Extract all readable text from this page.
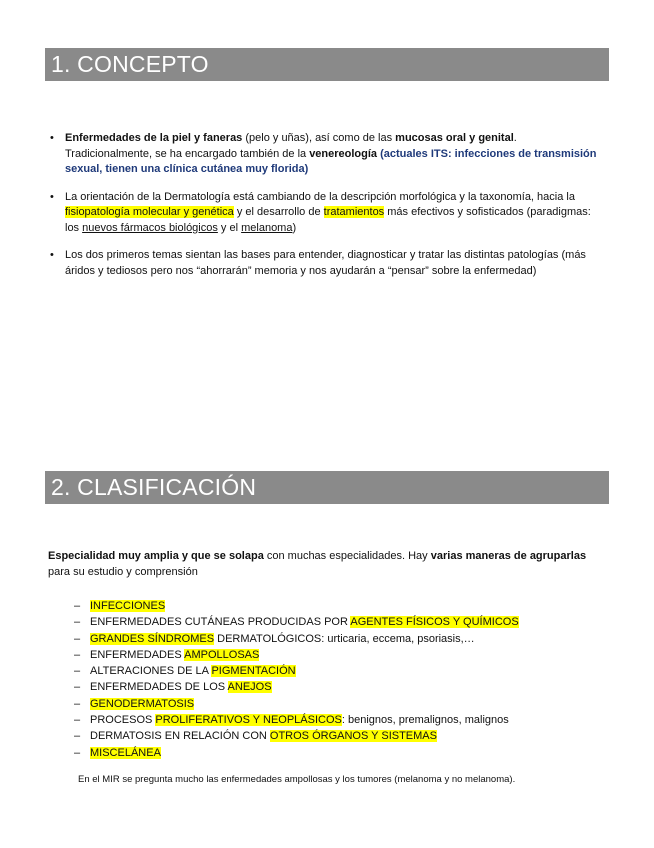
1. CONCEPTO
• Enfermedades de la piel y faneras (pelo y uñas), así como de las mucosas oral y genital. Tradicionalmente, se ha encargado también de la venereología (actuales ITS: infecciones de transmisión sexual, tienen una clínica cutánea muy florida)
• La orientación de la Dermatología está cambiando de la descripción morfológica y la taxonomía, hacia la fisiopatología molecular y genética y el desarrollo de tratamientos más efectivos y sofisticados (paradigmas: los nuevos fármacos biológicos y el melanoma)
• Los dos primeros temas sientan las bases para entender, diagnosticar y tratar las distintas patologías (más áridos y tediosos pero nos “ahorrarán” memoria y nos ayudarán a “pensar” sobre la enfermedad)
2. CLASIFICACIÓN

Especialidad muy amplia y que se solapa con muchas especialidades. Hay varias maneras de agruparlas para su estudio y comprensión

– INFECCIONES
– ENFERMEDADES CUTÁNEAS PRODUCIDAS POR AGENTES FÍSICOS Y QUÍMICOS
– GRANDES SÍNDROMES DERMATOLÓGICOS: urticaria, eccema, psoriasis,…
– ENFERMEDADES AMPOLLOSAS
– ALTERACIONES DE LA PIGMENTACIÓN
– ENFERMEDADES DE LOS ANEJOS
– GENODERMATOSIS
– PROCESOS PROLIFERATIVOS Y NEOPLÁSICOS: benignos, premalignos, malignos
– DERMATOSIS EN RELACIÓN CON OTROS ÓRGANOS Y SISTEMAS
– MISCELÁNEA

En el MIR se pregunta mucho las enfermedades ampollosas y los tumores (melanoma y no melanoma).
